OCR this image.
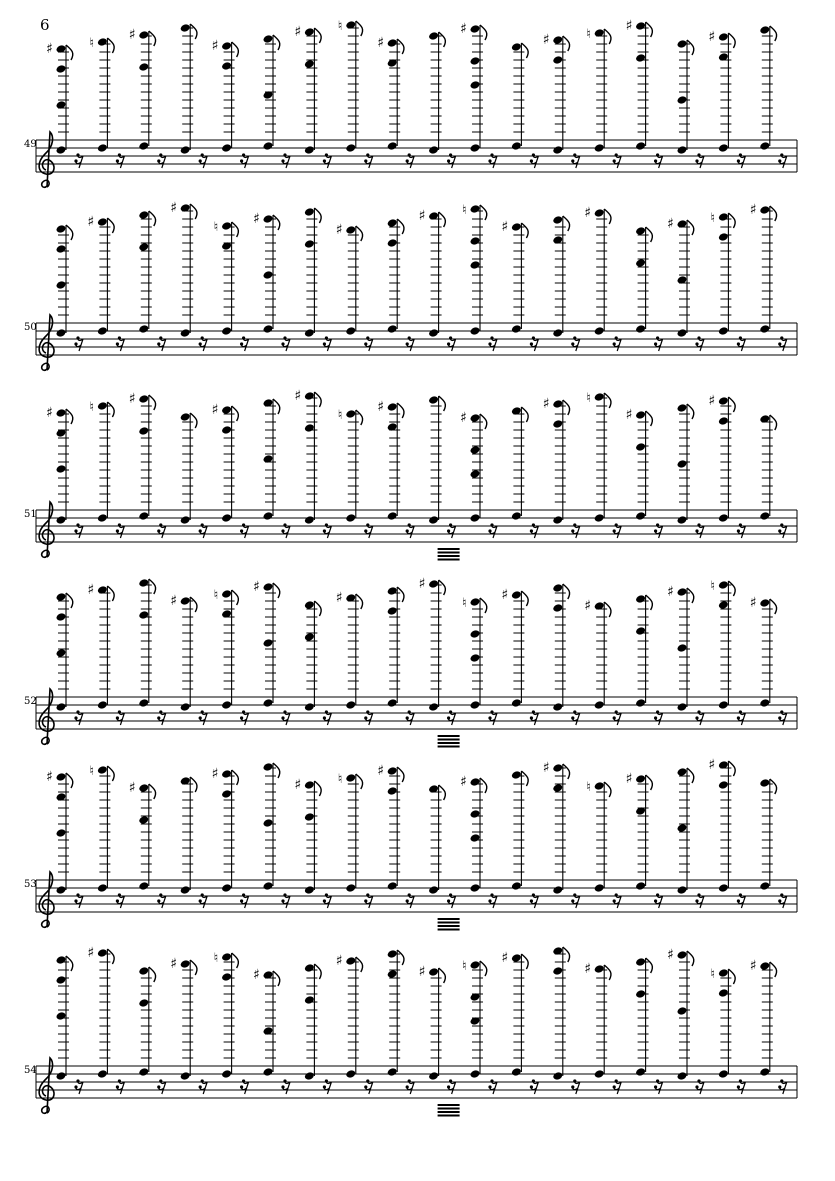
6
49
50
51
52
53
54
♯	♮
♯
♯
♯	♮
♯
♯
♯	♮
♯
♯
♯
♯
♮
♯
♯
♯	♮
♯
♯
♯	♮
♯
♯	♮
♯
♯
♯
♮
♯
♯
♯	♮
♯
♯
♯
♯	♮
♯
♯
♯
♮
♯
♯
♯	♮
♯
♯	♮
♯
♯
♯	♮
♯
♯
♯
♮
♯
♯
♯
♯	♮
♯
♯
♯	♮
♯
♯
♯
♮
♯
